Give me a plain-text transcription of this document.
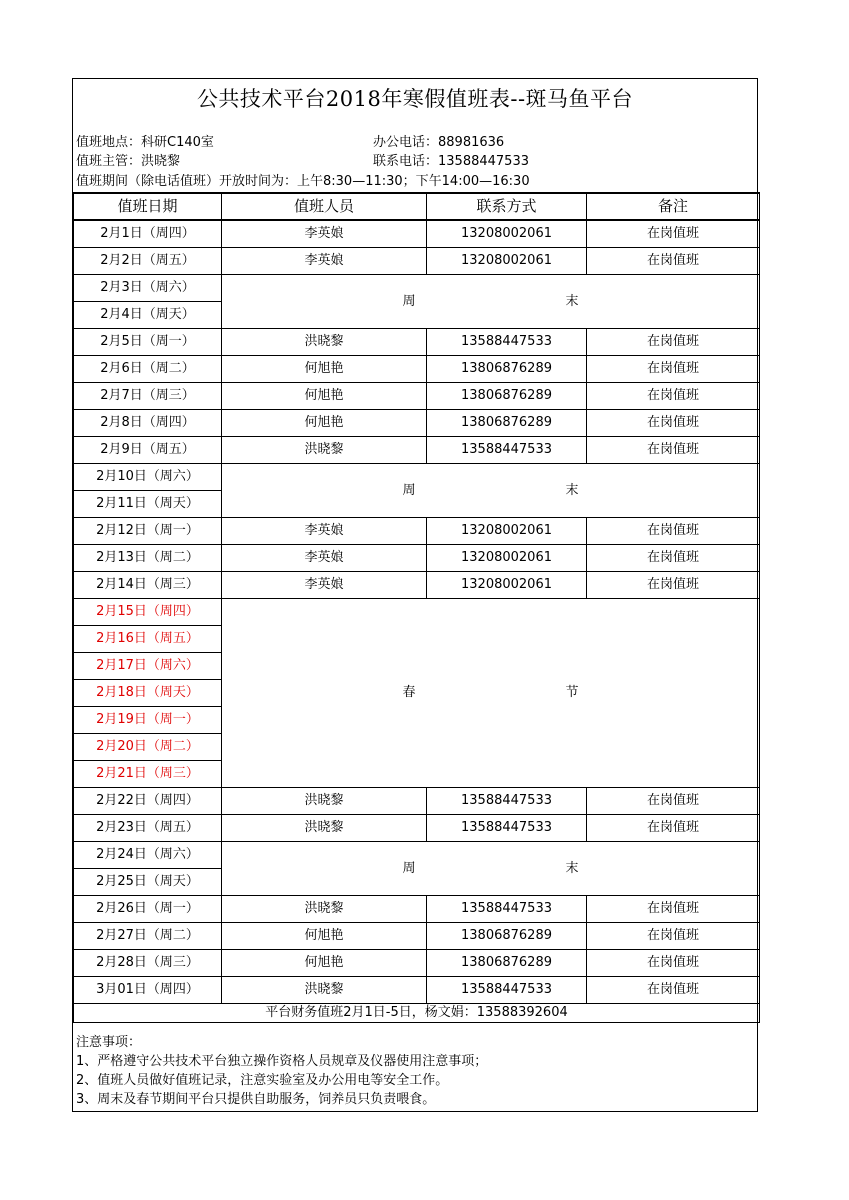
公共技术平台2018年寒假值班表--斑马鱼平台
值班地点：科研C140室	办公电话：88981636
值班主管：洪晓黎	联系电话：13588447533
值班期间（除电话值班）开放时间为：上午8:30—11:30；下午14:00—16:30
值班日期	值班人员	联系方式	备注
2月1日（周四）	李英娘	13208002061	在岗值班
2月2日（周五）	李英娘	13208002061	在岗值班
2月3日（周六）	周 末		
2月4日（周天）			
2月5日（周一）	洪晓黎	13588447533	在岗值班
2月6日（周二）	何旭艳	13806876289	在岗值班
2月7日（周三）	何旭艳	13806876289	在岗值班
2月8日（周四）	何旭艳	13806876289	在岗值班
2月9日（周五）	洪晓黎	13588447533	在岗值班
2月10日（周六）	周 末		
2月11日（周天）			
2月12日（周一）	李英娘	13208002061	在岗值班
2月13日（周二）	李英娘	13208002061	在岗值班
2月14日（周三）	李英娘	13208002061	在岗值班
2月15日（周四）	春 节		
2月16日（周五）			
2月17日（周六）			
2月18日（周天）			
2月19日（周一）			
2月20日（周二）			
2月21日（周三）			
2月22日（周四）	洪晓黎	13588447533	在岗值班
2月23日（周五）	洪晓黎	13588447533	在岗值班
2月24日（周六）	周 末		
2月25日（周天）			
2月26日（周一）	洪晓黎	13588447533	在岗值班
2月27日（周二）	何旭艳	13806876289	在岗值班
2月28日（周三）	何旭艳	13806876289	在岗值班
3月01日（周四）	洪晓黎	13588447533	在岗值班
平台财务值班2月1日-5日，杨文娟：13588392604			
注意事项：
1、严格遵守公共技术平台独立操作资格人员规章及仪器使用注意事项；
2、值班人员做好值班记录，注意实验室及办公用电等安全工作。
3、周末及春节期间平台只提供自助服务，饲养员只负责喂食。
